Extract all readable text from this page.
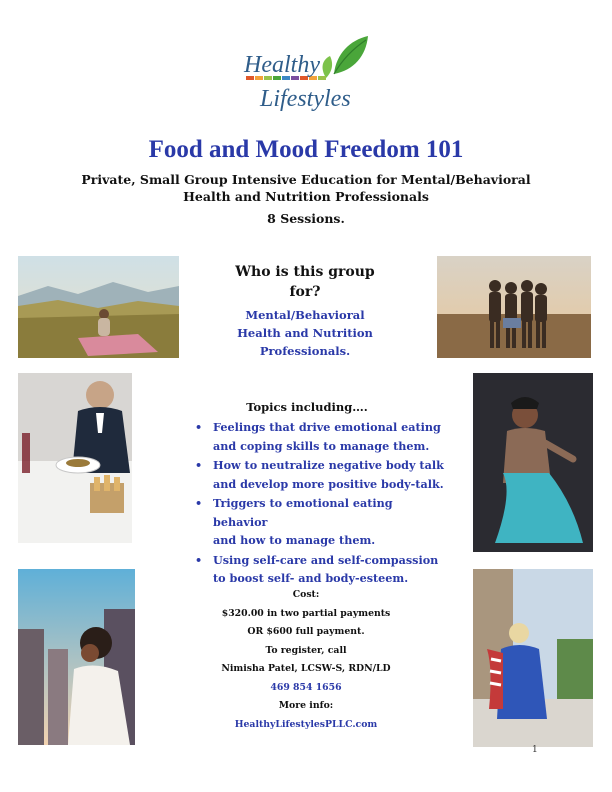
Healthy
Lifestyles
Food and Mood Freedom 101
Private, Small Group Intensive Education for Mental/Behavioral Health and Nutrition Professionals
8 Sessions.
Who is this group
for?
Mental/Behavioral
Health and Nutrition
Professionals.
Topics including….
• Feelings that drive emotional eating
and coping skills to manage them.
• How to neutralize negative body talk
and develop more positive body-talk.
• Triggers to emotional eating behavior
and how to manage them.
• Using self-care and self-compassion
to boost self- and body-esteem.
Cost:
$320.00 in two partial payments
OR $600 full payment.
To register, call
Nimisha Patel, LCSW-S, RDN/LD
469 854 1656
More info:
HealthyLifestylesPLLC.com
1
